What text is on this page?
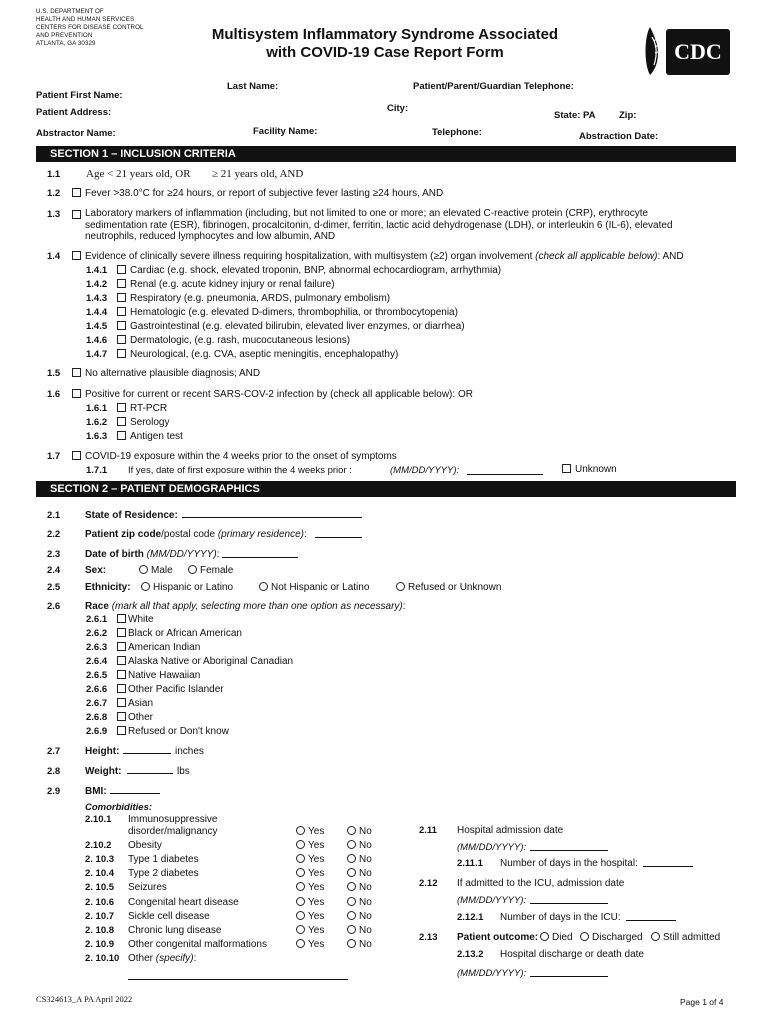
U.S. DEPARTMENT OF
HEALTH AND HUMAN SERVICES
CENTERS FOR DISEASE CONTROL
AND PREVENTION
ATLANTA, GA 30329
Multisystem Inflammatory Syndrome Associated with COVID-19 Case Report Form	CDC
Patient First Name:
Last Name:	Patient/Parent/Guardian Telephone:
Patient Address:	City:
State: PA Zip:
Abstractor Name:	Facility Name:	Telephone:	Abstraction Date:
SECTION 1 – INCLUSION CRITERIA
1.1 Age < 21 years old, OR ≥ 21 years old, AND
1.2	Fever >38.0°C for ≥24 hours, or report of subjective fever lasting ≥24 hours, AND
1.3 Laboratory markers of inflammation (including, but not limited to one or more; an elevated C-reactive protein (CRP), erythrocyte sedimentation rate (ESR), fibrinogen, procalcitonin, d-dimer, ferritin, lactic acid dehydrogenase (LDH), or interleukin 6 (IL-6), elevated neutrophils, reduced lymphocytes and low albumin, AND
1.4	Evidence of clinically severe illness requiring hospitalization, with multisystem (≥2) organ involvement (check all applicable below): AND
1.4.1	Cardiac (e.g. shock, elevated troponin, BNP, abnormal echocardiogram, arrhythmia)
1.4.2	Renal (e.g. acute kidney injury or renal failure)
1.4.3	Respiratory (e.g. pneumonia, ARDS, pulmonary embolism)
1.4.4	Hematologic (e.g. elevated D-dimers, thrombophilia, or thrombocytopenia)
1.4.5	Gastrointestinal (e.g. elevated bilirubin, elevated liver enzymes, or diarrhea)
1.4.6	Dermatologic, (e.g. rash, mucocutaneous lesions)
1.4.7	Neurological, (e.g. CVA, aseptic meningitis, encephalopathy)
1.5	No alternative plausible diagnosis; AND
1.6	Positive for current or recent SARS-COV-2 infection by (check all applicable below): OR
1.6.1	RT-PCR
1.6.2	Serology
1.6.3	Antigen test
1.7	COVID-19 exposure within the 4 weeks prior to the onset of symptoms
1.7.1 If yes, date of first exposure within the 4 weeks prior :	(MM/DD/YYYY):	Unknown
SECTION 2 – PATIENT DEMOGRAPHICS
2.1 State of Residence:
2.2 Patient zip code/postal code (primary residence):
2.3 Date of birth (MM/DD/YYYY):
2.4 Sex:	Male	Female
2.5 Ethnicity:	Hispanic or Latino	Not Hispanic or Latino	Refused or Unknown
2.6 Race (mark all that apply, selecting more than one option as necessary):
2.6.1	White
2.6.2	Black or African American
2.6.3	American Indian
2.6.4	Alaska Native or Aboriginal Canadian
2.6.5	Native Hawaiian
2.6.6	Other Pacific Islander
2.6.7	Asian
2.6.8	Other
2.6.9	Refused or Don't know
2.7 Height:	inches
2.8 Weight:	lbs
2.9 BMI:
Comorbidities:
2.10.1 Immunosuppressive
disorder/malignancy	Yes	No
2.10.2 Obesity	Yes	No
2. 10.3 Type 1 diabetes	Yes	No
2. 10.4 Type 2 diabetes	Yes	No
2. 10.5 Seizures	Yes	No
2. 10.6 Congenital heart disease	Yes	No
2. 10.7 Sickle cell disease	Yes	No
2. 10.8 Chronic lung disease	Yes	No
2. 10.9 Other congenital malformations	Yes	No
2. 10.10 Other (specify):
2.11 Hospital admission date
(MM/DD/YYYY):
2.11.1 Number of days in the hospital:
2.12 If admitted to the ICU, admission date
(MM/DD/YYYY):
2.12.1 Number of days in the ICU:
2.13 Patient outcome:	Died	Discharged	Still admitted
2.13.2 Hospital discharge or death date
(MM/DD/YYYY):
CS324613_A PA April 2022	Page 1 of 4
